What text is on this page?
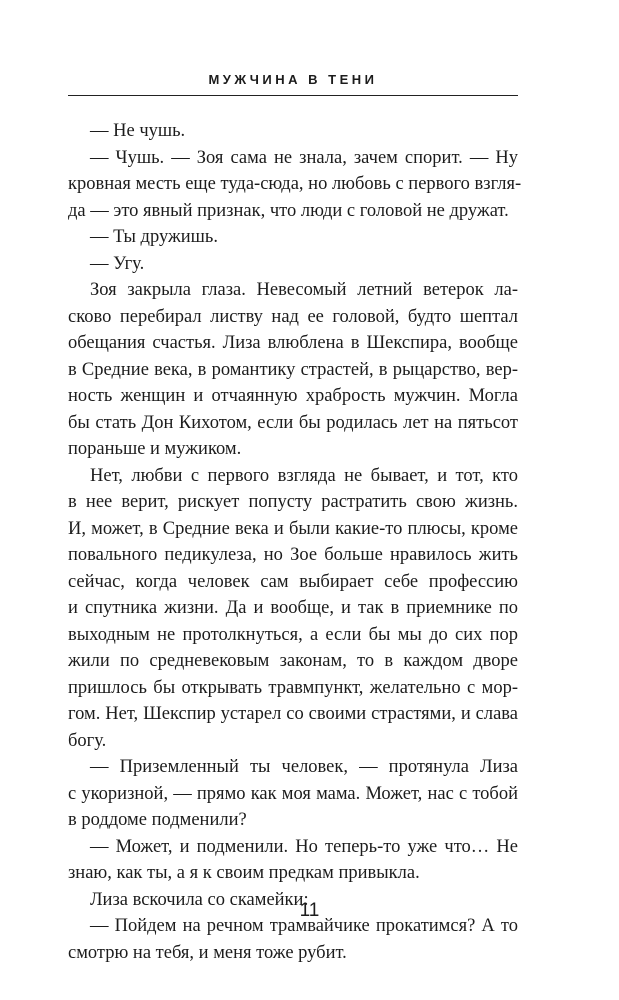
МУЖЧИНА В ТЕНИ
— Не чушь.
— Чушь. — Зоя сама не знала, зачем спорит. — Ну
кровная месть еще туда-сюда, но любовь с первого взгля-
да — это явный признак, что люди с головой не дружат.
— Ты дружишь.
— Угу.
Зоя закрыла глаза. Невесомый летний ветерок ла-
сково перебирал листву над ее головой, будто шептал
обещания счастья. Лиза влюблена в Шекспира, вообще
в Средние века, в романтику страстей, в рыцарство, вер-
ность женщин и отчаянную храбрость мужчин. Могла
бы стать Дон Кихотом, если бы родилась лет на пятьсот
пораньше и мужиком.
Нет, любви с первого взгляда не бывает, и тот, кто
в нее верит, рискует попусту растратить свою жизнь.
И, может, в Средние века и были какие-то плюсы, кроме
повального педикулеза, но Зое больше нравилось жить
сейчас, когда человек сам выбирает себе профессию
и спутника жизни. Да и вообще, и так в приемнике по
выходным не протолкнуться, а если бы мы до сих пор
жили по средневековым законам, то в каждом дворе
пришлось бы открывать травмпункт, желательно с мор-
гом. Нет, Шекспир устарел со своими страстями, и слава
богу.
— Приземленный ты человек, — протянула Лиза
с укоризной, — прямо как моя мама. Может, нас с тобой
в роддоме подменили?
— Может, и подменили. Но теперь-то уже что… Не
знаю, как ты, а я к своим предкам привыкла.
Лиза вскочила со скамейки:
— Пойдем на речном трамвайчике прокатимся? А то
смотрю на тебя, и меня тоже рубит.
11
